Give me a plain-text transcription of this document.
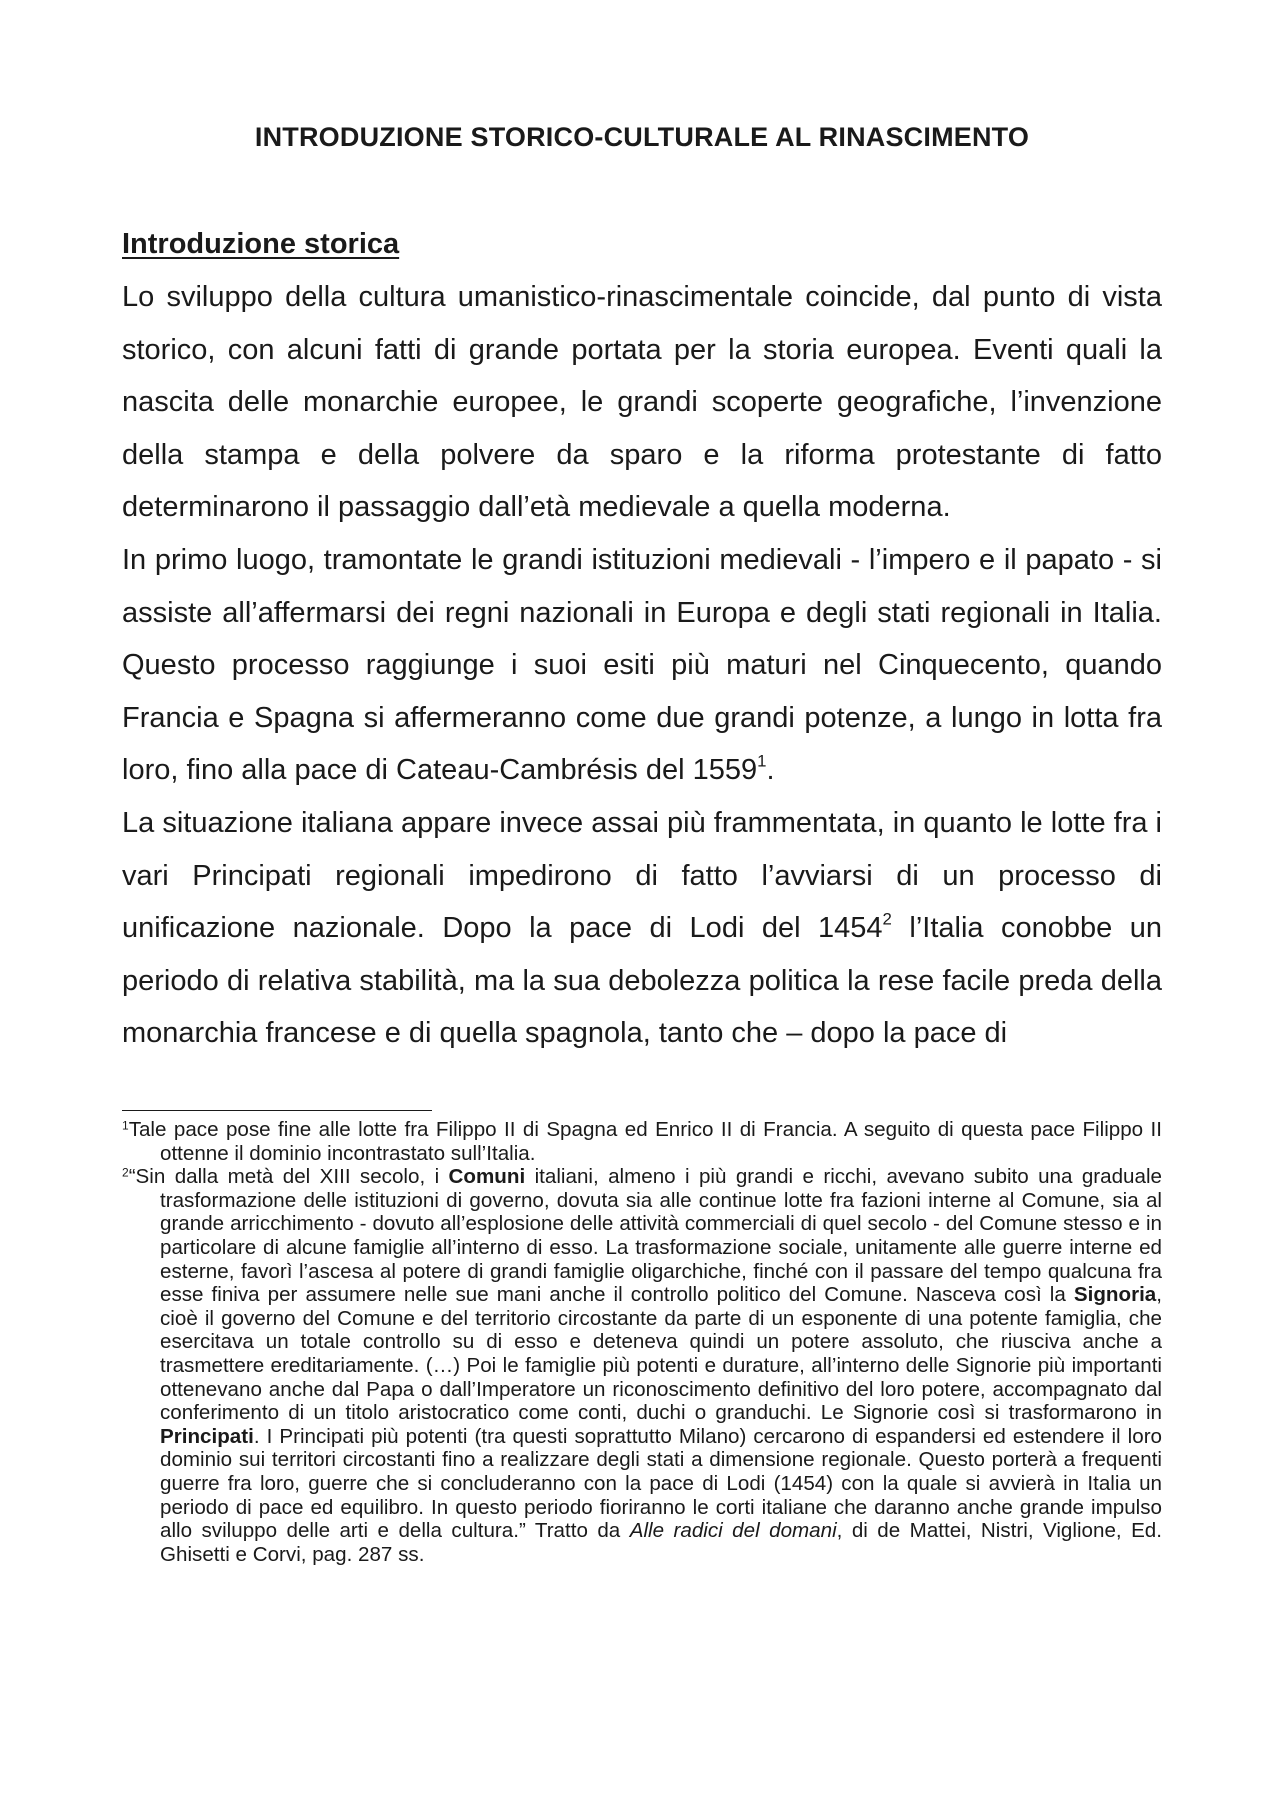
INTRODUZIONE STORICO-CULTURALE AL RINASCIMENTO
Introduzione storica

Lo sviluppo della cultura umanistico-rinascimentale coincide, dal punto di vista storico, con alcuni fatti di grande portata per la storia europea. Eventi quali la nascita delle monarchie europee, le grandi scoperte geografiche, l’invenzione della stampa e della polvere da sparo e la riforma protestante di fatto determinarono il passaggio dall’età medievale a quella moderna.

In primo luogo, tramontate le grandi istituzioni medievali - l’impero e il papato - si assiste all’affermarsi dei regni nazionali in Europa e degli stati regionali in Italia. Questo processo raggiunge i suoi esiti più maturi nel Cinquecento, quando Francia e Spagna si affermeranno come due grandi potenze, a lungo in lotta fra loro, fino alla pace di Cateau-Cambrésis del 1559$^1$.

La situazione italiana appare invece assai più frammentata, in quanto le lotte fra i vari Principati regionali impedirono di fatto l’avviarsi di un processo di unificazione nazionale. Dopo la pace di Lodi del 1454$^2$ l’Italia conobbe un periodo di relativa stabilità, ma la sua debolezza politica la rese facile preda della monarchia francese e di quella spagnola, tanto che – dopo la pace di

$^1$Tale pace pose fine alle lotte fra Filippo II di Spagna ed Enrico II di Francia. A seguito di questa pace Filippo II ottenne il dominio incontrastato sull’Italia.

$^2$“Sin dalla metà del XIII secolo, i Comuni italiani, almeno i più grandi e ricchi, avevano subito una graduale trasformazione delle istituzioni di governo, dovuta sia alle continue lotte fra fazioni interne al Comune, sia al grande arricchimento - dovuto all’esplosione delle attività commerciali di quel secolo - del Comune stesso e in particolare di alcune famiglie all’interno di esso. La trasformazione sociale, unitamente alle guerre interne ed esterne, favorì l’ascesa al potere di grandi famiglie oligarchiche, finché con il passare del tempo qualcuna fra esse finiva per assumere nelle sue mani anche il controllo politico del Comune. Nasceva così la Signoria, cioè il governo del Comune e del territorio circostante da parte di un esponente di una potente famiglia, che esercitava un totale controllo su di esso e deteneva quindi un potere assoluto, che riusciva anche a trasmettere ereditariamente. (…) Poi le famiglie più potenti e durature, all’interno delle Signorie più importanti ottenevano anche dal Papa o dall’Imperatore un riconoscimento definitivo del loro potere, accompagnato dal conferimento di un titolo aristocratico come conti, duchi o granduchi. Le Signorie così si trasformarono in Principati. I Principati più potenti (tra questi soprattutto Milano) cercarono di espandersi ed estendere il loro dominio sui territori circostanti fino a realizzare degli stati a dimensione regionale. Questo porterà a frequenti guerre fra loro, guerre che si concluderanno con la pace di Lodi (1454) con la quale si avvierà in Italia un periodo di pace ed equilibro. In questo periodo fioriranno le corti italiane che daranno anche grande impulso allo sviluppo delle arti e della cultura.” Tratto da Alle radici del domani, di de Mattei, Nistri, Viglione, Ed. Ghisetti e Corvi, pag. 287 ss.
